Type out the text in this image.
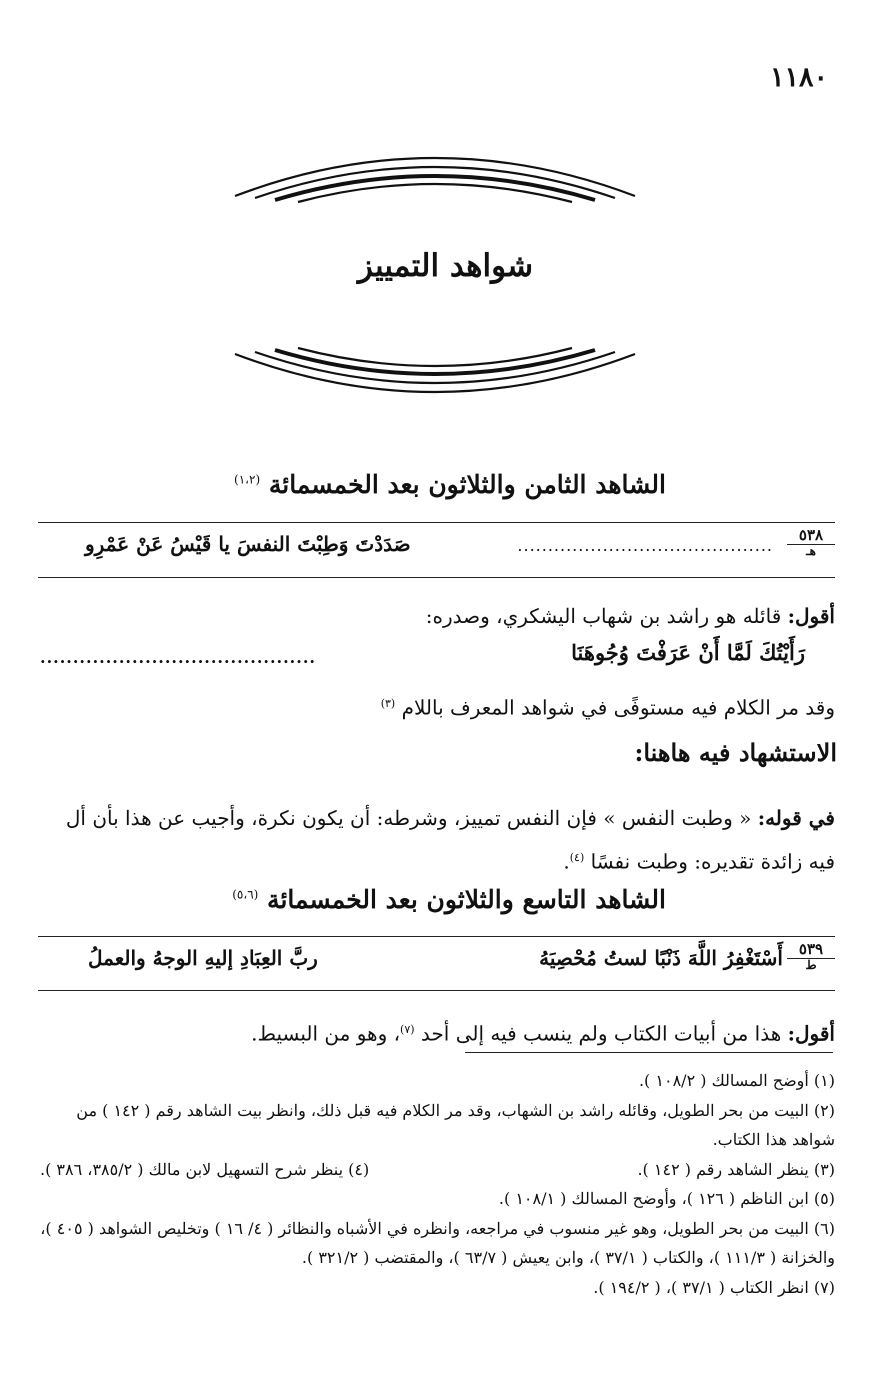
١١٨٠
شواهد التمييز
الشاهد الثامن والثلاثون بعد الخمسمائة $^{(١،٢)}$
٥٣٨
هـ
..........................................
صَدَدْتَ وَطِبْتَ النفسَ يا قَيْسُ عَنْ عَمْرِو
أقول: قائله هو راشد بن شهاب اليشكري، وصدره:
رَأَيْتُكَ لَمَّا أَنْ عَرَفْتَ وُجُوهَنَا
..........................................
وقد مر الكلام فيه مستوفًى في شواهد المعرف باللام $^{(٣)}$
الاستشهاد فيه هاهنا:
في قوله: « وطبت النفس » فإن النفس تمييز، وشرطه: أن يكون نكرة، وأجيب عن هذا بأن أل فيه زائدة تقديره: وطبت نفسًا $^{(٤)}$.
الشاهد التاسع والثلاثون بعد الخمسمائة $^{(٥،٦)}$
٥٣٩
ط
أَسْتَغْفِرُ اللَّهَ ذَنْبًا لستُ مُحْصِيَهُ
ربَّ العِبَادِ إليهِ الوجهُ والعملُ
أقول: هذا من أبيات الكتاب ولم ينسب فيه إلى أحد $^{(٧)}$، وهو من البسيط.
(١) أوضح المسالك ( ١٠٨/٢ ).
(٢) البيت من بحر الطويل، وقائله راشد بن الشهاب، وقد مر الكلام فيه قبل ذلك، وانظر بيت الشاهد رقم ( ١٤٢ ) من شواهد هذا الكتاب.
(٣) ينظر الشاهد رقم ( ١٤٢ ).
(٤) ينظر شرح التسهيل لابن مالك ( ٣٨٥/٢، ٣٨٦ ).
(٥) ابن الناظم ( ١٢٦ )، وأوضح المسالك ( ١٠٨/١ ).
(٦) البيت من بحر الطويل، وهو غير منسوب في مراجعه، وانظره في الأشباه والنظائر ( ٤/ ١٦ ) وتخليص الشواهد ( ٤٠٥ )، والخزانة ( ١١١/٣ )، والكتاب ( ٣٧/١ )، وابن يعيش ( ٦٣/٧ )، والمقتضب ( ٣٢١/٢ ).
(٧) انظر الكتاب ( ٣٧/١ )، ( ١٩٤/٢ ).
